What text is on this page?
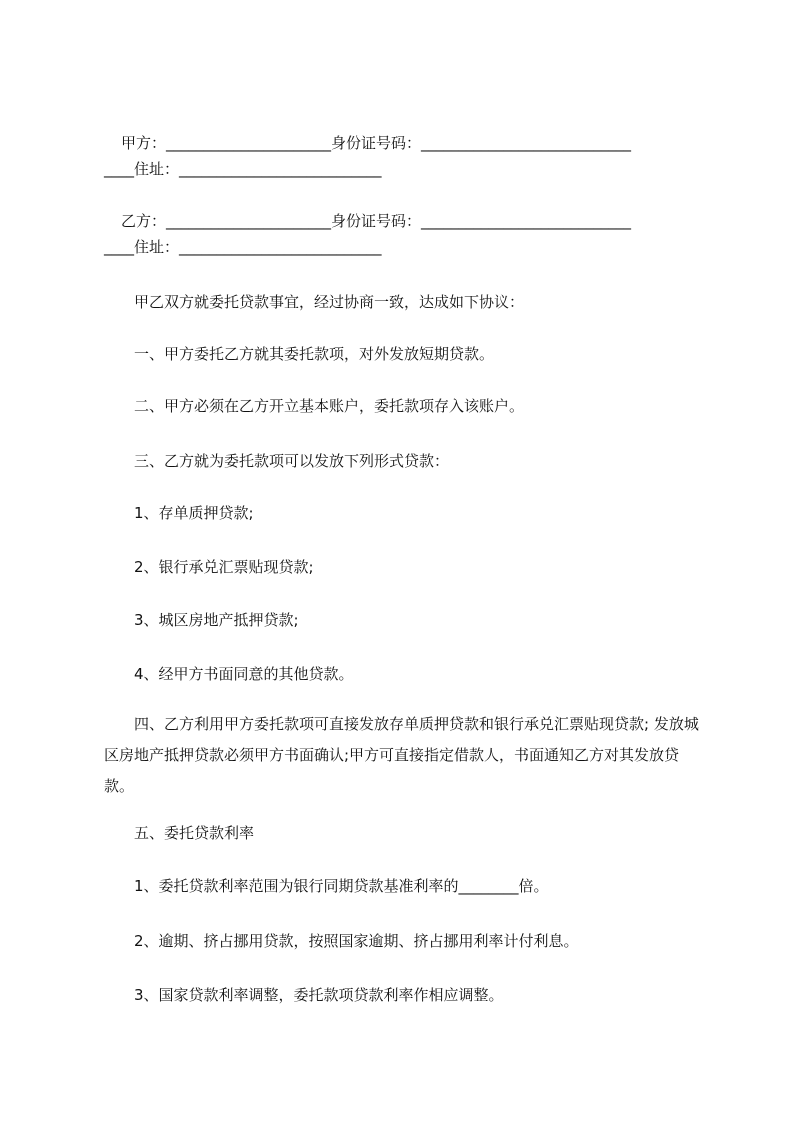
　甲方：______________________身份证号码：____________________________
____住址：___________________________
　乙方：______________________身份证号码：____________________________
____住址：___________________________
　　甲乙双方就委托贷款事宜，经过协商一致，达成如下协议：
　　一、甲方委托乙方就其委托款项，对外发放短期贷款。
　　二、甲方必须在乙方开立基本账户，委托款项存入该账户。
　　三、乙方就为委托款项可以发放下列形式贷款：
　　1、存单质押贷款;
　　2、银行承兑汇票贴现贷款;
　　3、城区房地产抵押贷款;
　　4、经甲方书面同意的其他贷款。
　　四、乙方利用甲方委托款项可直接发放存单质押贷款和银行承兑汇票贴现贷款; 发放城区房地产抵押贷款必须甲方书面确认;甲方可直接指定借款人，书面通知乙方对其发放贷款。
　　五、委托贷款利率
　　1、委托贷款利率范围为银行同期贷款基准利率的________倍。
　　2、逾期、挤占挪用贷款，按照国家逾期、挤占挪用利率计付利息。
　　3、国家贷款利率调整，委托款项贷款利率作相应调整。
